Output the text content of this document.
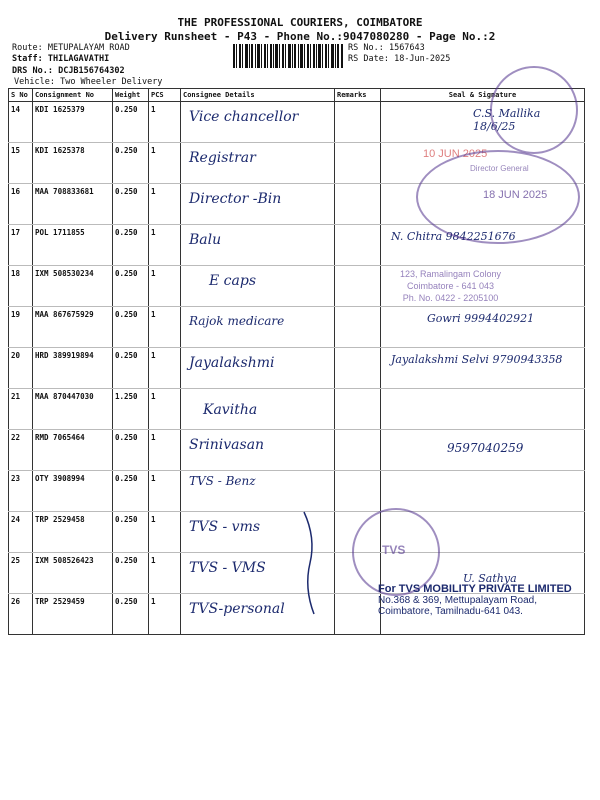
THE PROFESSIONAL COURIERS, COIMBATORE
Delivery Runsheet - P43 - Phone No.:9047080280 - Page No.:2
Route: METUPALAYAM ROAD
Staff: THILAGAVATHI
DRS No.: DCJB156764302
Vehicle: Two Wheeler Delivery
RS No.: 1567643
RS Date: 18-Jun-2025
S No	Consignment No	Weight	PCS	Consignee Details	Remarks	Seal & Signature
14	KDI 1625379	0.250	1	Vice chancellor		C.S. Mallika 18/6/25

15	KDI 1625378	0.250	1	Registrar		10 JUN 2025

16	MAA 708833681	0.250	1	Director -Bin		18 JUN 2025

17	POL 1711855	0.250	1	Balu		N. Chitra 9842251676

18	IXM 508530234	0.250	1	E caps		

19	MAA 867675929	0.250	1	Rajok medicare		Gowri 9994402921

20	HRD 389919894	0.250	1	Jayalakshmi		Jayalakshmi Selvi 9790943358

21	MAA 870447030	1.250	1	Kavitha		

22	RMD 7065464	0.250	1	Srinivasan		9597040259

23	OTY 3908994	0.250	1	TVS - Benz		

24	TRP 2529458	0.250	1	TVS - vms		

25	IXM 508526423	0.250	1	TVS - VMS		U. Sathya

26	TRP 2529459	0.250	1	TVS-personal		

Director General
TVS
123, Ramalingam Colony
Coimbatore - 641 043
Ph. No. 0422 - 2205100
For TVS MOBILITY PRIVATE LIMITED
No.368 & 369, Mettupalayam Road,
Coimbatore, Tamilnadu-641 043.
